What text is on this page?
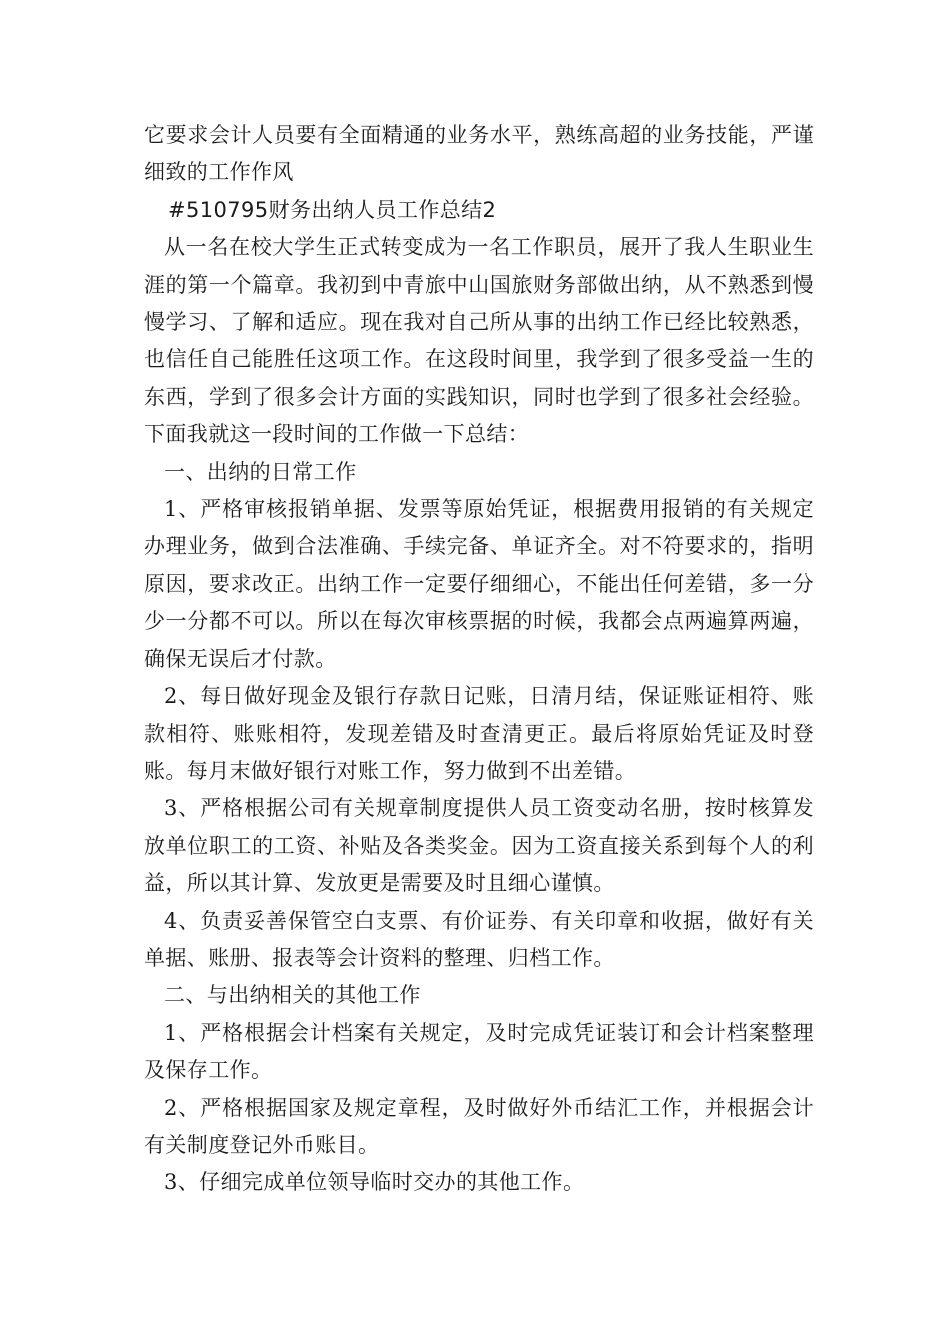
它要求会计人员要有全面精通的业务水平，熟练高超的业务技能，严谨细致的工作作风

#510795财务出纳人员工作总结2

从一名在校大学生正式转变成为一名工作职员，展开了我人生职业生涯的第一个篇章。我初到中青旅中山国旅财务部做出纳，从不熟悉到慢慢学习、了解和适应。现在我对自己所从事的出纳工作已经比较熟悉，也信任自己能胜任这项工作。在这段时间里，我学到了很多受益一生的东西，学到了很多会计方面的实践知识，同时也学到了很多社会经验。下面我就这一段时间的工作做一下总结：

一、出纳的日常工作

1、严格审核报销单据、发票等原始凭证，根据费用报销的有关规定办理业务，做到合法准确、手续完备、单证齐全。对不符要求的，指明原因，要求改正。出纳工作一定要仔细细心，不能出任何差错，多一分少一分都不可以。所以在每次审核票据的时候，我都会点两遍算两遍，确保无误后才付款。

2、每日做好现金及银行存款日记账，日清月结，保证账证相符、账款相符、账账相符，发现差错及时查清更正。最后将原始凭证及时登账。每月末做好银行对账工作，努力做到不出差错。

3、严格根据公司有关规章制度提供人员工资变动名册，按时核算发放单位职工的工资、补贴及各类奖金。因为工资直接关系到每个人的利益，所以其计算、发放更是需要及时且细心谨慎。

4、负责妥善保管空白支票、有价证券、有关印章和收据，做好有关单据、账册、报表等会计资料的整理、归档工作。

二、与出纳相关的其他工作

1、严格根据会计档案有关规定，及时完成凭证装订和会计档案整理及保存工作。

2、严格根据国家及规定章程，及时做好外币结汇工作，并根据会计有关制度登记外币账目。

3、仔细完成单位领导临时交办的其他工作。
